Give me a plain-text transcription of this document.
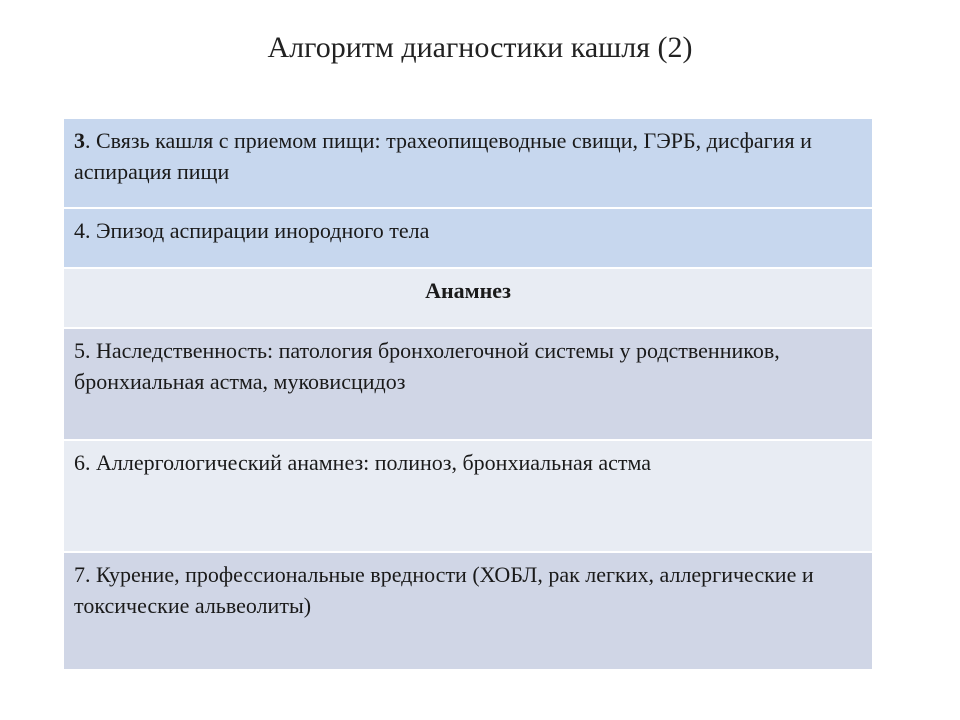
Алгоритм диагностики кашля (2)
3. Связь кашля с приемом пищи: трахеопищеводные свищи, ГЭРБ, дисфагия и аспирация пищи
4. Эпизод аспирации инородного тела
Анамнез
5. Наследственность: патология бронхолегочной системы у родственников, бронхиальная астма, муковисцидоз
6. Аллергологический анамнез: полиноз, бронхиальная астма
7. Курение, профессиональные вредности (ХОБЛ, рак легких, аллергические и токсические альвеолиты)
